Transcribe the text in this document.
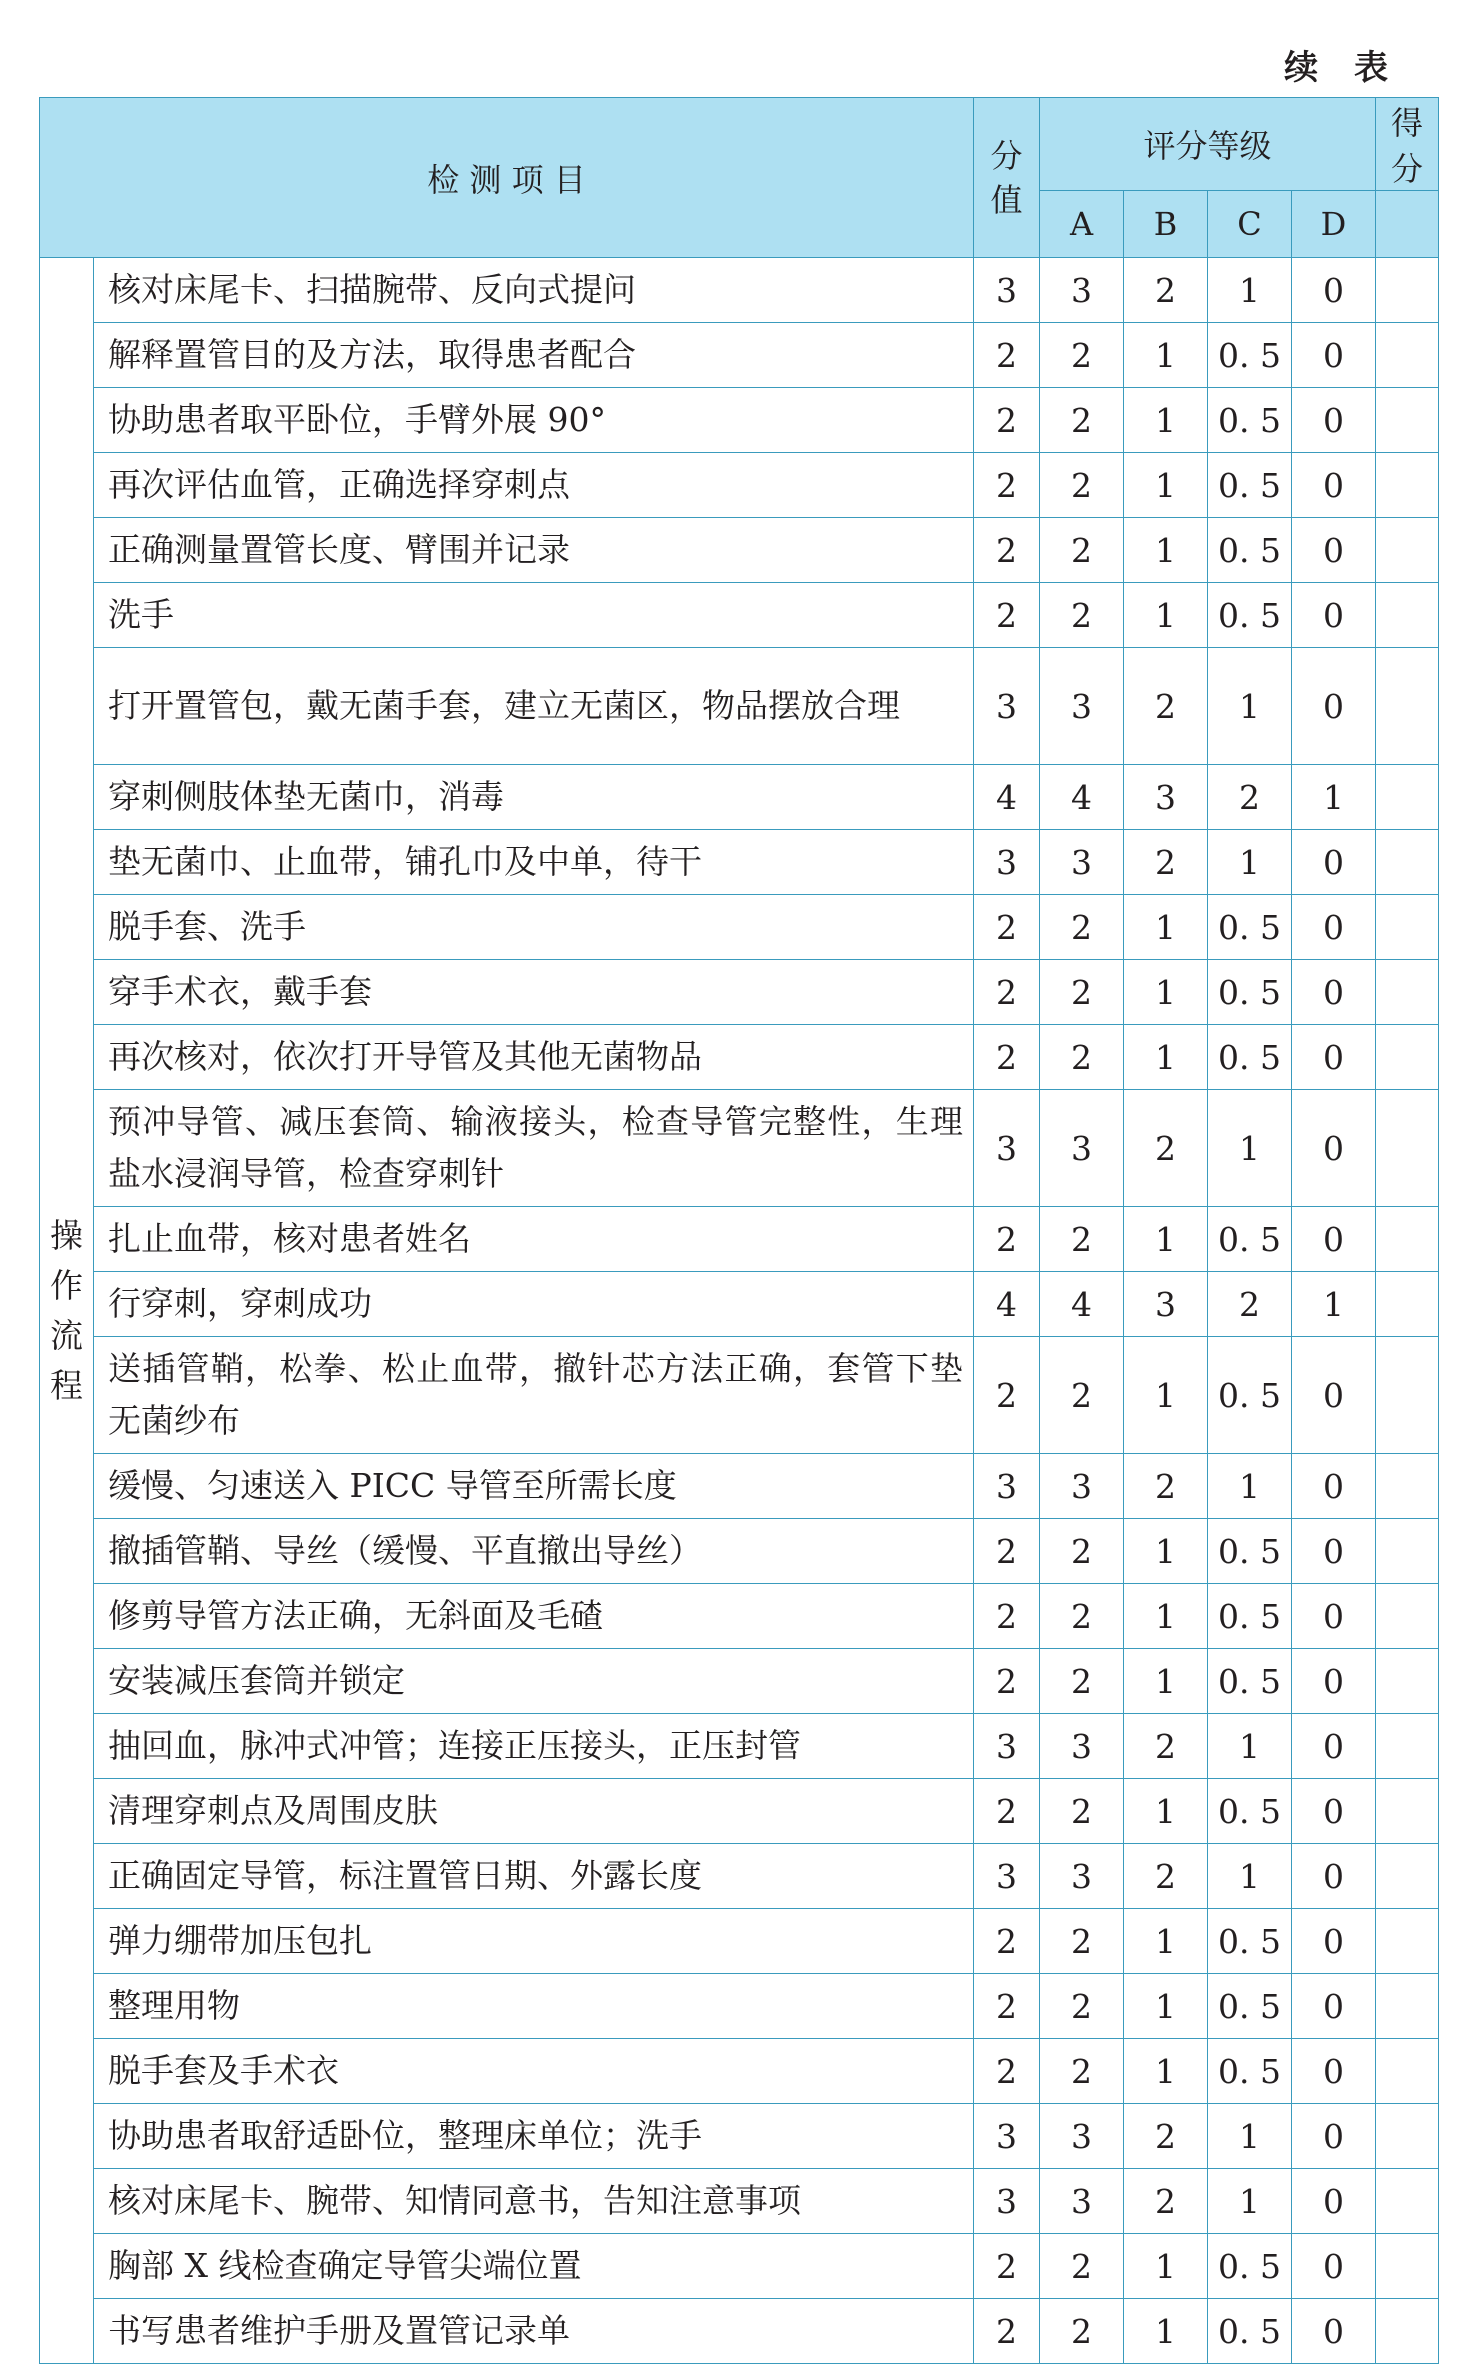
续 表
检 测 项 目		分值	评分等级				得分
			A	B	C	D	
操作流程	核对床尾卡、扫描腕带、反向式提问	3	3	2	1	0	
	解释置管目的及方法，取得患者配合	2	2	1	0. 5	0	
	协助患者取平卧位，手臂外展 90°	2	2	1	0. 5	0	
	再次评估血管，正确选择穿刺点	2	2	1	0. 5	0	
	正确测量置管长度、臂围并记录	2	2	1	0. 5	0	
	洗手	2	2	1	0. 5	0	
	打开置管包，戴无菌手套，建立无菌区，物品摆放合理	3	3	2	1	0	
	穿刺侧肢体垫无菌巾，消毒	4	4	3	2	1	
	垫无菌巾、止血带，铺孔巾及中单，待干	3	3	2	1	0	
	脱手套、洗手	2	2	1	0. 5	0	
	穿手术衣，戴手套	2	2	1	0. 5	0	
	再次核对，依次打开导管及其他无菌物品	2	2	1	0. 5	0	
	预冲导管、减压套筒、输液接头，检查导管完整性，生理盐水浸润导管，检查穿刺针	3	3	2	1	0	
	扎止血带，核对患者姓名	2	2	1	0. 5	0	
	行穿刺，穿刺成功	4	4	3	2	1	
	送插管鞘，松拳、松止血带，撤针芯方法正确，套管下垫无菌纱布	2	2	1	0. 5	0	
	缓慢、匀速送入 PICC 导管至所需长度	3	3	2	1	0	
	撤插管鞘、导丝（缓慢、平直撤出导丝）	2	2	1	0. 5	0	
	修剪导管方法正确，无斜面及毛碴	2	2	1	0. 5	0	
	安装减压套筒并锁定	2	2	1	0. 5	0	
	抽回血，脉冲式冲管；连接正压接头，正压封管	3	3	2	1	0	
	清理穿刺点及周围皮肤	2	2	1	0. 5	0	
	正确固定导管，标注置管日期、外露长度	3	3	2	1	0	
	弹力绷带加压包扎	2	2	1	0. 5	0	
	整理用物	2	2	1	0. 5	0	
	脱手套及手术衣	2	2	1	0. 5	0	
	协助患者取舒适卧位，整理床单位；洗手	3	3	2	1	0	
	核对床尾卡、腕带、知情同意书，告知注意事项	3	3	2	1	0	
	胸部 X 线检查确定导管尖端位置	2	2	1	0. 5	0	
	书写患者维护手册及置管记录单	2	2	1	0. 5	0	
